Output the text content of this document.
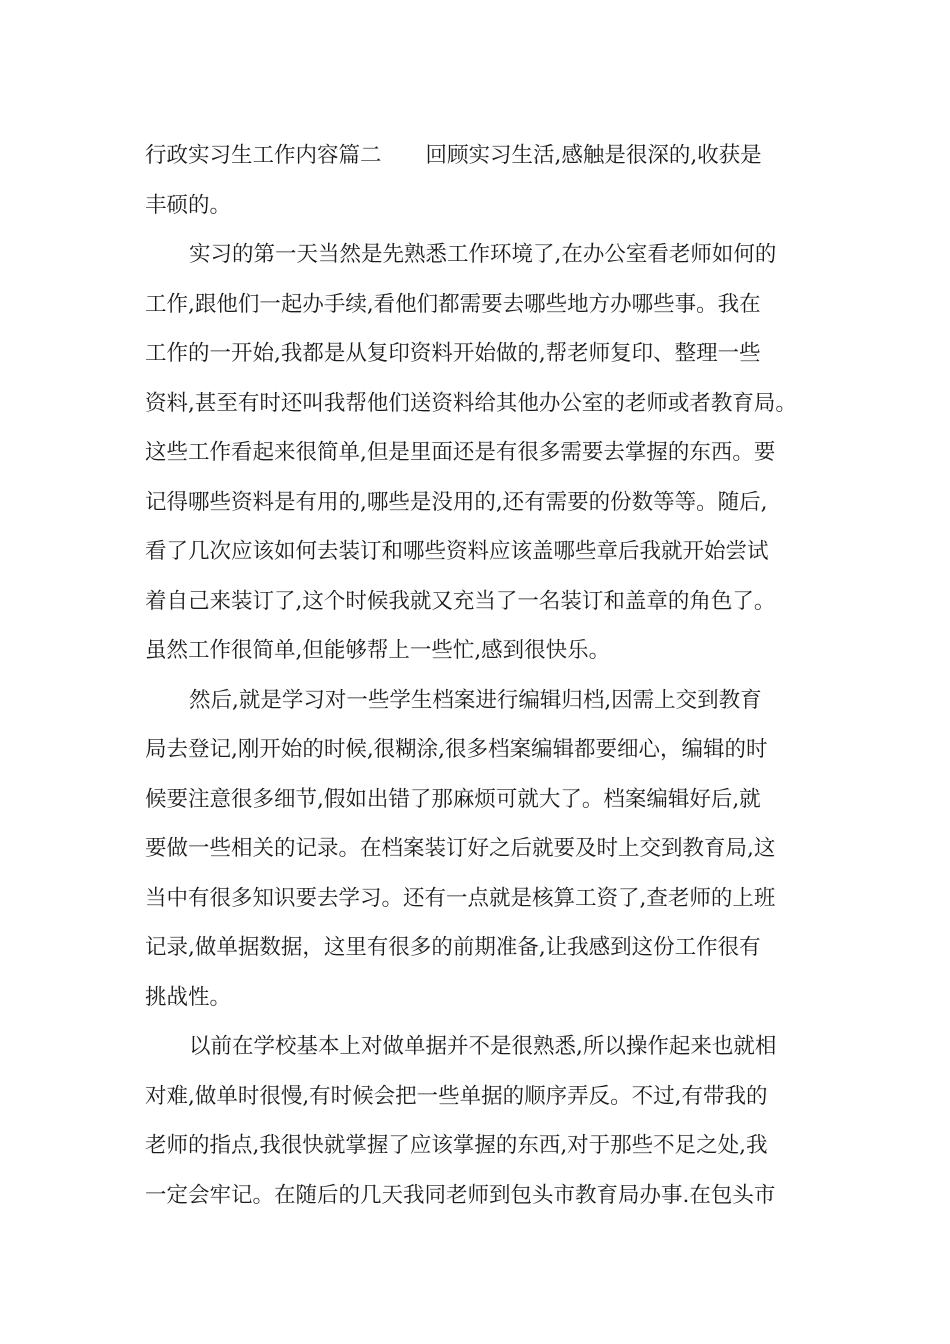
行政实习生工作内容篇二 回顾实习生活,感触是很深的,收获是
丰硕的。
实习的第一天当然是先熟悉工作环境了,在办公室看老师如何的
工作,跟他们一起办手续,看他们都需要去哪些地方办哪些事。我在
工作的一开始,我都是从复印资料开始做的,帮老师复印、整理一些
资料,甚至有时还叫我帮他们送资料给其他办公室的老师或者教育局。
这些工作看起来很简单,但是里面还是有很多需要去掌握的东西。要
记得哪些资料是有用的,哪些是没用的,还有需要的份数等等。随后,
看了几次应该如何去装订和哪些资料应该盖哪些章后我就开始尝试
着自己来装订了,这个时候我就又充当了一名装订和盖章的角色了。
虽然工作很简单,但能够帮上一些忙,感到很快乐。
然后,就是学习对一些学生档案进行编辑归档,因需上交到教育
局去登记,刚开始的时候,很糊涂,很多档案编辑都要细心，编辑的时
候要注意很多细节,假如出错了那麻烦可就大了。档案编辑好后,就
要做一些相关的记录。在档案装订好之后就要及时上交到教育局,这
当中有很多知识要去学习。还有一点就是核算工资了,查老师的上班
记录,做单据数据，这里有很多的前期准备,让我感到这份工作很有
挑战性。
以前在学校基本上对做单据并不是很熟悉,所以操作起来也就相
对难,做单时很慢,有时候会把一些单据的顺序弄反。不过,有带我的
老师的指点,我很快就掌握了应该掌握的东西,对于那些不足之处,我
一定会牢记。在随后的几天我同老师到包头市教育局办事.在包头市
